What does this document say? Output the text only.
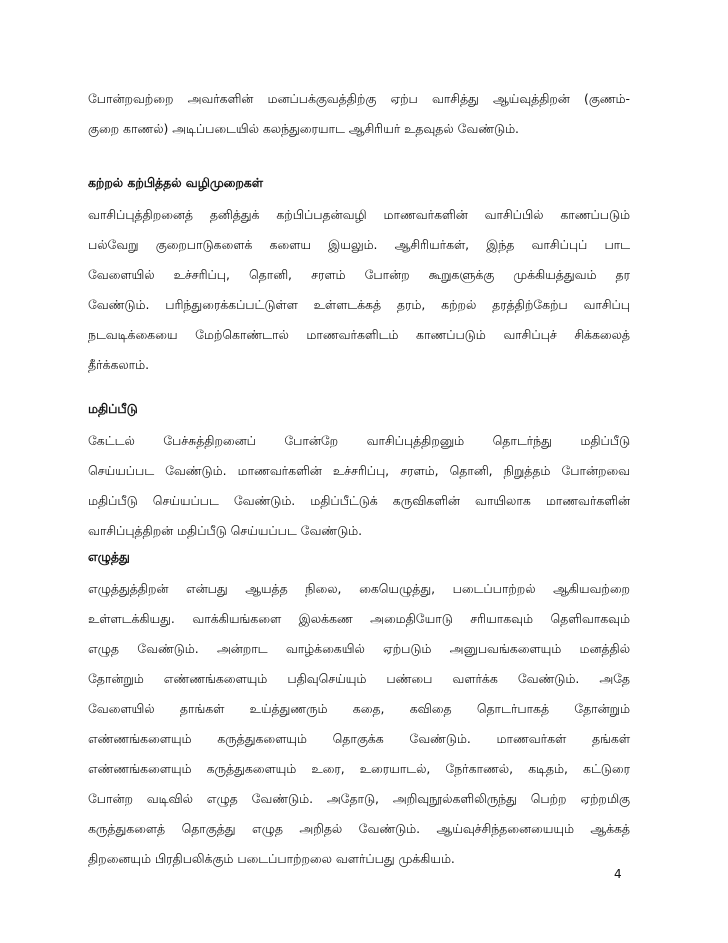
போன்றவற்றை அவர்களின் மனப்பக்குவத்திற்கு ஏற்ப வாசித்து ஆய்வுத்திறன் (குணம்-
குறை காணல்) அடிப்படையில் கலந்துரையாட ஆசிரியர் உதவுதல் வேண்டும்.
கற்றல் கற்பித்தல் வழிமுறைகள்
வாசிப்புத்திறனைத் தனித்துக் கற்பிப்பதன்வழி மாணவர்களின் வாசிப்பில் காணப்படும்
பல்வேறு குறைபாடுகளைக் களைய இயலும். ஆசிரியர்கள், இந்த வாசிப்புப் பாட
வேளையில் உச்சரிப்பு, தொனி, சரளம் போன்ற கூறுகளுக்கு முக்கியத்துவம் தர
வேண்டும். பரிந்துரைக்கப்பட்டுள்ள உள்ளடக்கத் தரம், கற்றல் தரத்திற்கேற்ப வாசிப்பு
நடவடிக்கையை மேற்கொண்டால் மாணவர்களிடம் காணப்படும் வாசிப்புச் சிக்கலைத்
தீர்க்கலாம்.
மதிப்பீடு
கேட்டல் பேச்சுத்திறனைப் போன்றே வாசிப்புத்திறனும் தொடர்ந்து மதிப்பீடு
செய்யப்பட வேண்டும். மாணவர்களின் உச்சரிப்பு, சரளம், தொனி, நிறுத்தம் போன்றவை
மதிப்பீடு செய்யப்பட வேண்டும். மதிப்பீட்டுக் கருவிகளின் வாயிலாக மாணவர்களின்
வாசிப்புத்திறன் மதிப்பீடு செய்யப்பட வேண்டும்.
எழுத்து
எழுத்துத்திறன் என்பது ஆயத்த நிலை, கையெழுத்து, படைப்பாற்றல் ஆகியவற்றை
உள்ளடக்கியது. வாக்கியங்களை இலக்கண அமைதியோடு சரியாகவும் தெளிவாகவும்
எழுத வேண்டும். அன்றாட வாழ்க்கையில் ஏற்படும் அனுபவங்களையும் மனத்தில்
தோன்றும் எண்ணங்களையும் பதிவுசெய்யும் பண்பை வளர்க்க வேண்டும். அதே
வேளையில் தாங்கள் உய்த்துணரும் கதை, கவிதை தொடர்பாகத் தோன்றும்
எண்ணங்களையும் கருத்துகளையும் தொகுக்க வேண்டும். மாணவர்கள் தங்கள்
எண்ணங்களையும் கருத்துகளையும் உரை, உரையாடல், நேர்காணல், கடிதம், கட்டுரை
போன்ற வடிவில் எழுத வேண்டும். அதோடு, அறிவுநூல்களிலிருந்து பெற்ற ஏற்றமிகு
கருத்துகளைத் தொகுத்து எழுத அறிதல் வேண்டும். ஆய்வுச்சிந்தனையையும் ஆக்கத்
திறனையும் பிரதிபலிக்கும் படைப்பாற்றலை வளர்ப்பது முக்கியம்.
4
